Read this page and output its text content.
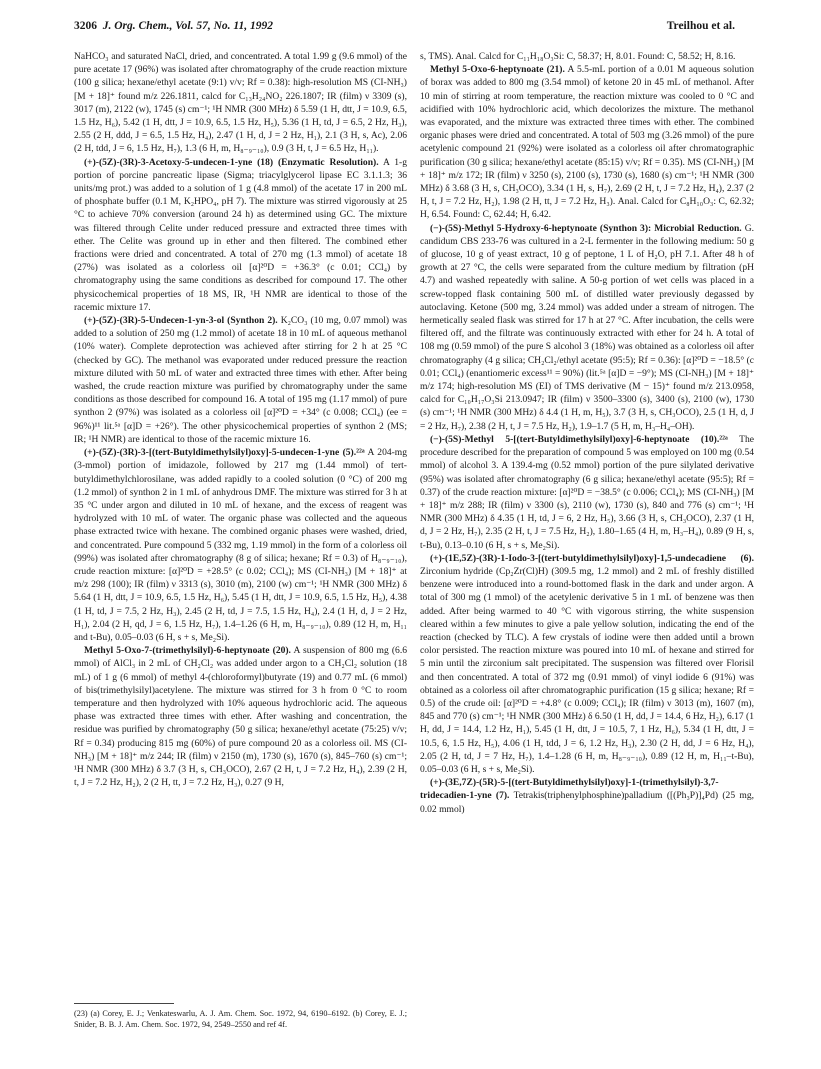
3206 J. Org. Chem., Vol. 57, No. 11, 1992	Treilhou et al.

NaHCO₃ and saturated NaCl, dried, and concentrated. A total 1.99 g (9.6 mmol) of the pure acetate 17 (96%) was isolated after chromatography of the crude reaction mixture (100 g silica; hexane/ethyl acetate (9:1) v/v; Rf = 0.38): high-resolution MS (CI-NH₃) [M + 18]⁺ found m/z 226.1811, calcd for C₁₃H₂₄NO₂ 226.1807; IR (film) ν 3309 (s), 3017 (m), 2122 (w), 1745 (s) cm⁻¹; ¹H NMR (300 MHz) δ 5.59 (1 H, dtt, J = 10.9, 6.5, 1.5 Hz, H₆), 5.42 (1 H, dtt, J = 10.9, 6.5, 1.5 Hz, H₅), 5.36 (1 H, td, J = 6.5, 2 Hz, H₃), 2.55 (2 H, ddd, J = 6.5, 1.5 Hz, H₄), 2.47 (1 H, d, J = 2 Hz, H₁), 2.1 (3 H, s, Ac), 2.06 (2 H, tdd, J = 6, 1.5 Hz, H₇), 1.3 (6 H, m, H₈₋₉₋₁₀), 0.9 (3 H, t, J = 6.5 Hz, H₁₁).

(+)-(5Z)-(3R)-3-Acetoxy-5-undecen-1-yne (18) (Enzymatic Resolution). A 1-g portion of porcine pancreatic lipase (Sigma; triacylglycerol lipase EC 3.1.1.3; 36 units/mg prot.) was added to a solution of 1 g (4.8 mmol) of the acetate 17 in 200 mL of phosphate buffer (0.1 M, K₂HPO₄, pH 7). The mixture was stirred vigorously at 25 °C to achieve 70% conversion (around 24 h) as determined using GC. The mixture was filtered through Celite under reduced pressure and extracted three times with ether. The Celite was ground up in ether and then filtered. The combined ether fractions were dried and concentrated. A total of 270 mg (1.3 mmol) of acetate 18 (27%) was isolated as a colorless oil [α]²⁰D = +36.3° (c 0.01; CCl₄) by chromatography using the same conditions as described for compound 17. The other physicochemical properties of 18 MS, IR, ¹H NMR are identical to those of the racemic mixture 17.

(+)-(5Z)-(3R)-5-Undecen-1-yn-3-ol (Synthon 2). K₂CO₃ (10 mg, 0.07 mmol) was added to a solution of 250 mg (1.2 mmol) of acetate 18 in 10 mL of aqueous methanol (10% water). Complete deprotection was achieved after stirring for 2 h at 25 °C (checked by GC). The methanol was evaporated under reduced pressure the reaction mixture diluted with 50 mL of water and extracted three times with ether. After being washed, the crude reaction mixture was purified by chromatography under the same conditions as those described for compound 16. A total of 195 mg (1.17 mmol) of pure synthon 2 (97%) was isolated as a colorless oil [α]²⁰D = +34° (c 0.008; CCl₄) (ee = 96%)¹¹ lit.⁵ᵃ [α]D = +26°). The other physicochemical properties of synthon 2 (MS; IR; ¹H NMR) are identical to those of the racemic mixture 16.

(+)-(5Z)-(3R)-3-[(tert-Butyldimethylsilyl)oxy]-5-undecen-1-yne (5).²²ᵃ A 204-mg (3-mmol) portion of imidazole, followed by 217 mg (1.44 mmol) of tert-butyldimethylchlorosilane, was added rapidly to a cooled solution (0 °C) of 200 mg (1.2 mmol) of synthon 2 in 1 mL of anhydrous DMF. The mixture was stirred for 3 h at 35 °C under argon and diluted in 10 mL of hexane, and the excess of reagent was hydrolyzed with 10 mL of water. The organic phase was collected and the aqueous phase extracted twice with hexane. The combined organic phases were washed, dried, and concentrated. Pure compound 5 (332 mg, 1.19 mmol) in the form of a colorless oil (99%) was isolated after chromatography (8 g of silica; hexane; Rf = 0.3) of H₈₋₉₋₁₀), crude reaction mixture: [α]²⁰D = +28.5° (c 0.02; CCl₄); MS (CI-NH₃) [M + 18]⁺ at m/z 298 (100); IR (film) ν 3313 (s), 3010 (m), 2100 (w) cm⁻¹; ¹H NMR (300 MHz) δ 5.64 (1 H, dtt, J = 10.9, 6.5, 1.5 Hz, H₆), 5.45 (1 H, dtt, J = 10.9, 6.5, 1.5 Hz, H₅), 4.38 (1 H, td, J = 7.5, 2 Hz, H₃), 2.45 (2 H, td, J = 7.5, 1.5 Hz, H₄), 2.4 (1 H, d, J = 2 Hz, H₁), 2.04 (2 H, qd, J = 6, 1.5 Hz, H₇), 1.4–1.26 (6 H, m, H₈₋₉₋₁₀), 0.89 (12 H, m, H₁₁ and t-Bu), 0.05–0.03 (6 H, s + s, Me₂Si).

Methyl 5-Oxo-7-(trimethylsilyl)-6-heptynoate (20). A suspension of 800 mg (6.6 mmol) of AlCl₃ in 2 mL of CH₂Cl₂ was added under argon to a CH₂Cl₂ solution (18 mL) of 1 g (6 mmol) of methyl 4-(chloroformyl)butyrate (19) and 0.77 mL (6 mmol) of bis(trimethylsilyl)acetylene. The mixture was stirred for 3 h from 0 °C to room temperature and then hydrolyzed with 10% aqueous hydrochloric acid. The aqueous phase was extracted three times with ether. After washing and concentration, the residue was purified by chromatography (50 g silica; hexane/ethyl acetate (75:25) v/v; Rf = 0.34) producing 815 mg (60%) of pure compound 20 as a colorless oil. MS (CI-NH₃) [M + 18]⁺ m/z 244; IR (film) ν 2150 (m), 1730 (s), 1670 (s), 845–760 (s) cm⁻¹; ¹H NMR (300 MHz) δ 3.7 (3 H, s, CH₃OCO), 2.67 (2 H, t, J = 7.2 Hz, H₄), 2.39 (2 H, t, J = 7.2 Hz, H₂), 2 (2 H, tt, J = 7.2 Hz, H₃), 0.27 (9 H,

s, TMS). Anal. Calcd for C₁₁H₁₈O₃Si: C, 58.37; H, 8.01. Found: C, 58.52; H, 8.16.

Methyl 5-Oxo-6-heptynoate (21). A 5.5-mL portion of a 0.01 M aqueous solution of borax was added to 800 mg (3.54 mmol) of ketone 20 in 45 mL of methanol. After 10 min of stirring at room temperature, the reaction mixture was cooled to 0 °C and acidified with 10% hydrochloric acid, which decolorizes the mixture. The methanol was evaporated, and the mixture was extracted three times with ether. The combined organic phases were dried and concentrated. A total of 503 mg (3.26 mmol) of the pure acetylenic compound 21 (92%) were isolated as a colorless oil after chromatographic purification (30 g silica; hexane/ethyl acetate (85:15) v/v; Rf = 0.35). MS (CI-NH₃) [M + 18]⁺ m/z 172; IR (film) ν 3250 (s), 2100 (s), 1730 (s), 1680 (s) cm⁻¹; ¹H NMR (300 MHz) δ 3.68 (3 H, s, CH₃OCO), 3.34 (1 H, s, H₇), 2.69 (2 H, t, J = 7.2 Hz, H₄), 2.37 (2 H, t, J = 7.2 Hz, H₂), 1.98 (2 H, tt, J = 7.2 Hz, H₃). Anal. Calcd for C₈H₁₀O₃: C, 62.32; H, 6.54. Found: C, 62.44; H, 6.42.

(−)-(5S)-Methyl 5-Hydroxy-6-heptynoate (Synthon 3): Microbial Reduction. G. candidum CBS 233-76 was cultured in a 2-L fermenter in the following medium: 50 g of glucose, 10 g of yeast extract, 10 g of peptone, 1 L of H₂O, pH 7.1. After 48 h of growth at 27 °C, the cells were separated from the culture medium by filtration (pH 4.7) and washed repeatedly with saline. A 50-g portion of wet cells was placed in a screw-topped flask containing 500 mL of distilled water previously degassed by autoclaving. Ketone (500 mg, 3.24 mmol) was added under a stream of nitrogen. The hermetically sealed flask was stirred for 17 h at 27 °C. After incubation, the cells were filtered off, and the filtrate was continuously extracted with ether for 24 h. A total of 108 mg (0.59 mmol) of the pure S alcohol 3 (18%) was obtained as a colorless oil after chromatography (4 g silica; CH₂Cl₂/ethyl acetate (95:5); Rf = 0.36): [α]²⁰D = −18.5° (c 0.01; CCl₄) (enantiomeric excess¹¹ = 90%) (lit.⁵ᵃ [α]D = −9°); MS (CI-NH₃) [M + 18]⁺ m/z 174; high-resolution MS (EI) of TMS derivative (M − 15)⁺ found m/z 213.0958, calcd for C₁₀H₁₇O₃Si 213.0947; IR (film) ν 3500–3300 (s), 3400 (s), 2100 (w), 1730 (s) cm⁻¹; ¹H NMR (300 MHz) δ 4.4 (1 H, m, H₅), 3.7 (3 H, s, CH₃OCO), 2.5 (1 H, d, J = 2 Hz, H₇), 2.38 (2 H, t, J = 7.5 Hz, H₂), 1.9–1.7 (5 H, m, H₃–H₄–OH).

(−)-(5S)-Methyl 5-[(tert-Butyldimethylsilyl)oxy]-6-heptynoate (10).²²ᵃ The procedure described for the preparation of compound 5 was employed on 100 mg (0.54 mmol) of alcohol 3. A 139.4-mg (0.52 mmol) portion of the pure silylated derivative (95%) was isolated after chromatography (6 g silica; hexane/ethyl acetate (95:5); Rf = 0.37) of the crude reaction mixture: [α]²⁰D = −38.5° (c 0.006; CCl₄); MS (CI-NH₃) [M + 18]⁺ m/z 288; IR (film) ν 3300 (s), 2110 (w), 1730 (s), 840 and 776 (s) cm⁻¹; ¹H NMR (300 MHz) δ 4.35 (1 H, td, J = 6, 2 Hz, H₅), 3.66 (3 H, s, CH₃OCO), 2.37 (1 H, d, J = 2 Hz, H₇), 2.35 (2 H, t, J = 7.5 Hz, H₂), 1.80–1.65 (4 H, m, H₃–H₄), 0.89 (9 H, s, t-Bu), 0.13–0.10 (6 H, s + s, Me₂Si).

(+)-(1E,5Z)-(3R)-1-Iodo-3-[(tert-butyldimethylsilyl)oxy]-1,5-undecadiene (6). Zirconium hydride (Cp₂Zr(Cl)H) (309.5 mg, 1.2 mmol) and 2 mL of freshly distilled benzene were introduced into a round-bottomed flask in the dark and under argon. A total of 300 mg (1 mmol) of the acetylenic derivative 5 in 1 mL of benzene was then added. After being warmed to 40 °C with vigorous stirring, the white suspension cleared within a few minutes to give a pale yellow solution, indicating the end of the reaction (checked by TLC). A few crystals of iodine were then added until a brown color persisted. The reaction mixture was poured into 10 mL of hexane and stirred for 5 min until the zirconium salt precipitated. The suspension was filtered over Florisil and then concentrated. A total of 372 mg (0.91 mmol) of vinyl iodide 6 (91%) was obtained as a colorless oil after chromatographic purification (15 g silica; hexane; Rf = 0.5) of the crude oil: [α]²⁰D = +4.8° (c 0.009; CCl₄); IR (film) ν 3013 (m), 1607 (m), 845 and 770 (s) cm⁻¹; ¹H NMR (300 MHz) δ 6.50 (1 H, dd, J = 14.4, 6 Hz, H₂), 6.17 (1 H, dd, J = 14.4, 1.2 Hz, H₁), 5.45 (1 H, dtt, J = 10.5, 7, 1 Hz, H₆), 5.34 (1 H, dtt, J = 10.5, 6, 1.5 Hz, H₅), 4.06 (1 H, tdd, J = 6, 1.2 Hz, H₃), 2.30 (2 H, dd, J = 6 Hz, H₄), 2.05 (2 H, td, J = 7 Hz, H₇), 1.4–1.28 (6 H, m, H₈₋₉₋₁₀), 0.89 (12 H, m, H₁₁–t-Bu), 0.05–0.03 (6 H, s + s, Me₂Si).

(+)-(3E,7Z)-(5R)-5-[(tert-Butyldimethylsilyl)oxy]-1-(trimethylsilyl)-3,7-tridecadien-1-yne (7). Tetrakis(triphenylphosphine)palladium ([(Ph₃P)]₄Pd) (25 mg, 0.02 mmol)

(23) (a) Corey, E. J.; Venkateswarlu, A. J. Am. Chem. Soc. 1972, 94, 6190–6192. (b) Corey, E. J.; Snider, B. B. J. Am. Chem. Soc. 1972, 94, 2549–2550 and ref 4f.
